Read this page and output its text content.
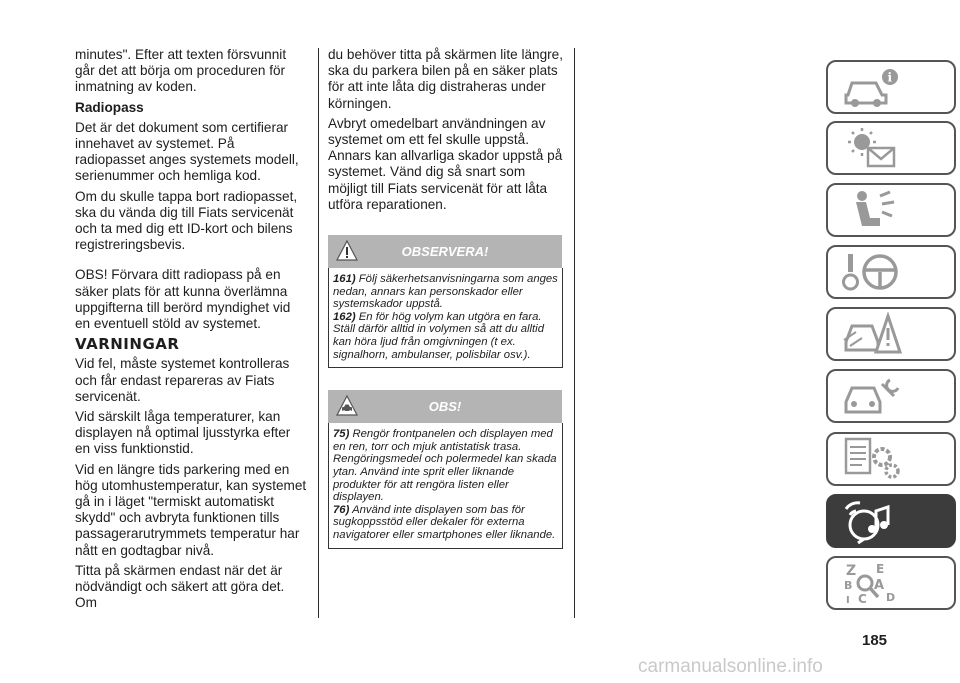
minutes". Efter att texten försvunnit går det att börja om proceduren för inmatning av koden.

Radiopass

Det är det dokument som certifierar innehavet av systemet. På radiopasset anges systemets modell, serienummer och hemliga kod.

Om du skulle tappa bort radiopasset, ska du vända dig till Fiats servicenät och ta med dig ett ID-kort och bilens registreringsbevis.

OBS! Förvara ditt radiopass på en säker plats för att kunna överlämna uppgifterna till berörd myndighet vid en eventuell stöld av systemet.

VARNINGAR

Vid fel, måste systemet kontrolleras och får endast repareras av Fiats servicenät.

Vid särskilt låga temperaturer, kan displayen nå optimal ljusstyrka efter en viss funktionstid.

Vid en längre tids parkering med en hög utomhustemperatur, kan systemet gå in i läget "termiskt automatiskt skydd" och avbryta funktionen tills passagerarutrymmets temperatur har nått en godtagbar nivå.

Titta på skärmen endast när det är nödvändigt och säkert att göra det. Om

du behöver titta på skärmen lite längre, ska du parkera bilen på en säker plats för att inte låta dig distraheras under körningen.

Avbryt omedelbart användningen av systemet om ett fel skulle uppstå. Annars kan allvarliga skador uppstå på systemet. Vänd dig så snart som möjligt till Fiats servicenät för att låta utföra reparationen.

OBSERVERA!

161) Följ säkerhetsanvisningarna som anges nedan, annars kan personskador eller systemskador uppstå.

162) En för hög volym kan utgöra en fara. Ställ därför alltid in volymen så att du alltid kan höra ljud från omgivningen (t ex. signalhorn, ambulanser, polisbilar osv.).

OBS!

75) Rengör frontpanelen och displayen med en ren, torr och mjuk antistatisk trasa. Rengöringsmedel och polermedel kan skada ytan. Använd inte sprit eller liknande produkter för att rengöra listen eller displayen.

76) Använd inte displayen som bas för sugkoppsstöd eller dekaler för externa navigatorer eller smartphones eller liknande.

i
Z E
B A
I C D
185
carmanualsonline.info
